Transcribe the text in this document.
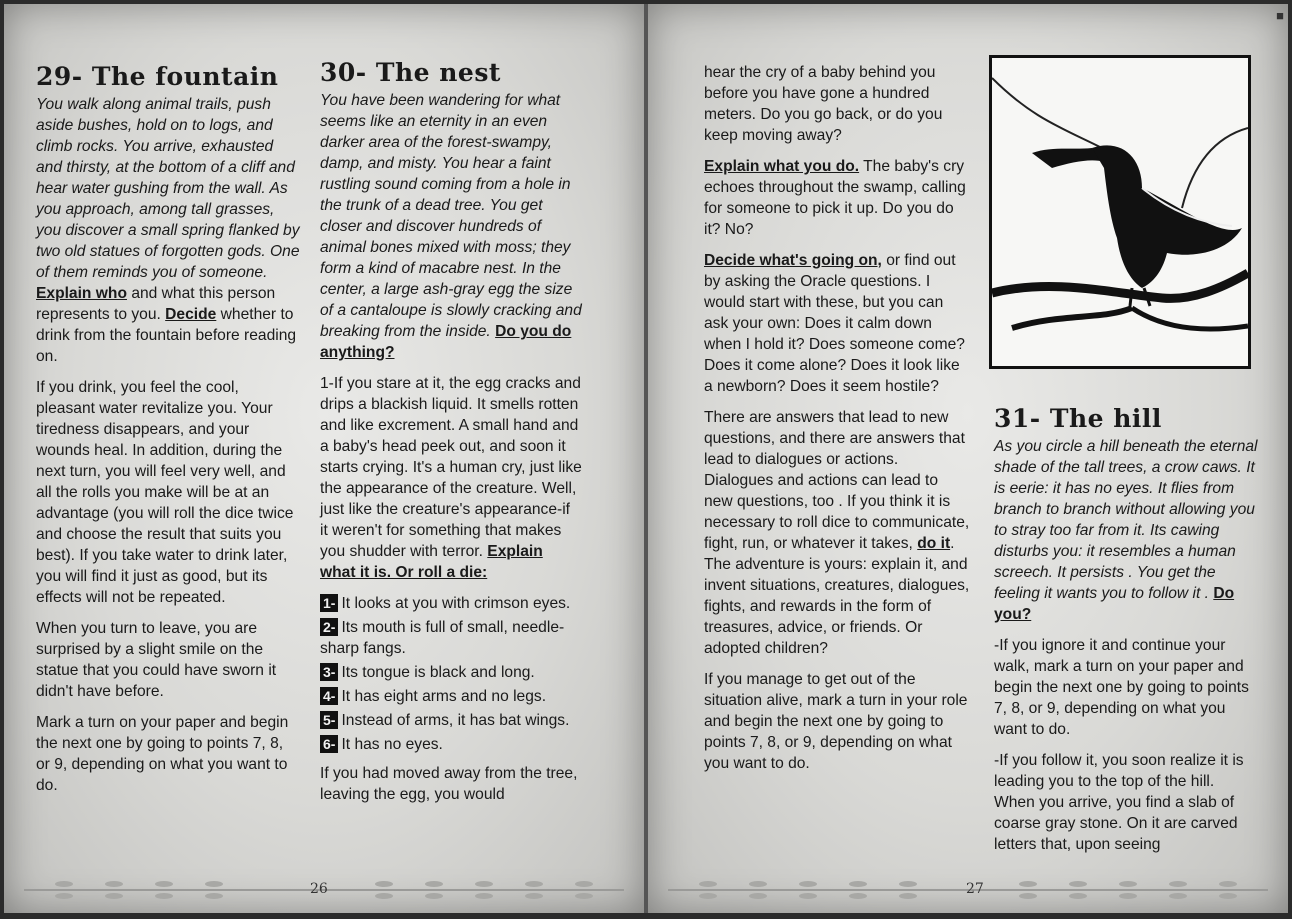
29- The fountain

You walk along animal trails, push aside bushes, hold on to logs, and climb rocks. You arrive, exhausted and thirsty, at the bottom of a cliff and hear water gushing from the wall. As you approach, among tall grasses, you discover a small spring flanked by two old statues of forgotten gods. One of them reminds you of someone. Explain who and what this person represents to you. Decide whether to drink from the fountain before reading on.

If you drink, you feel the cool, pleasant water revitalize you. Your tiredness disappears, and your wounds heal. In addition, during the next turn, you will feel very well, and all the rolls you make will be at an advantage (you will roll the dice twice and choose the result that suits you best). If you take water to drink later, you will find it just as good, but its effects will not be repeated.

When you turn to leave, you are surprised by a slight smile on the statue that you could have sworn it didn't have before.

Mark a turn on your paper and begin the next one by going to points 7, 8, or 9, depending on what you want to do.

30- The nest

You have been wandering for what seems like an eternity in an even darker area of the forest-swampy, damp, and misty. You hear a faint rustling sound coming from a hole in the trunk of a dead tree. You get closer and discover hundreds of animal bones mixed with moss; they form a kind of macabre nest. In the center, a large ash-gray egg the size of a cantaloupe is slowly cracking and breaking from the inside. Do you do anything?

1-If you stare at it, the egg cracks and drips a blackish liquid. It smells rotten and like excrement. A small hand and a baby's head peek out, and soon it starts crying. It's a human cry, just like the appearance of the creature. Well, just like the creature's appearance-if it weren't for something that makes you shudder with terror. Explain what it is. Or roll a die:

1- It looks at you with crimson eyes.
2- Its mouth is full of small, needle-sharp fangs.
3- Its tongue is black and long.
4- It has eight arms and no legs.
5- Instead of arms, it has bat wings.
6- It has no eyes.

If you had moved away from the tree, leaving the egg, you would

26
■

hear the cry of a baby behind you before you have gone a hundred meters. Do you go back, or do you keep moving away?

Explain what you do. The baby's cry echoes throughout the swamp, calling for someone to pick it up. Do you do it? No?

Decide what's going on, or find out by asking the Oracle questions. I would start with these, but you can ask your own: Does it calm down when I hold it? Does someone come? Does it come alone? Does it look like a newborn? Does it seem hostile?

There are answers that lead to new questions, and there are answers that lead to dialogues or actions. Dialogues and actions can lead to new questions, too . If you think it is necessary to roll dice to communicate, fight, run, or whatever it takes, do it. The adventure is yours: explain it, and invent situations, creatures, dialogues, fights, and rewards in the form of treasures, advice, or friends. Or adopted children?

If you manage to get out of the situation alive, mark a turn in your role and begin the next one by going to points 7, 8, or 9, depending on what you want to do.

31- The hill

As you circle a hill beneath the eternal shade of the tall trees, a crow caws. It is eerie: it has no eyes. It flies from branch to branch without allowing you to stray too far from it. Its cawing disturbs you: it resembles a human screech. It persists . You get the feeling it wants you to follow it . Do you?

-If you ignore it and continue your walk, mark a turn on your paper and begin the next one by going to points 7, 8, or 9, depending on what you want to do.

-If you follow it, you soon realize it is leading you to the top of the hill. When you arrive, you find a slab of coarse gray stone. On it are carved letters that, upon seeing

27
